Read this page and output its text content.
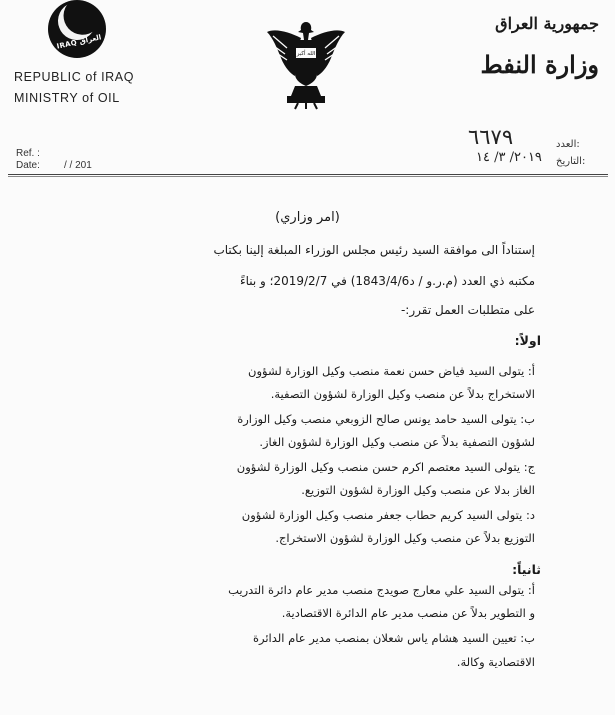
IRAQ العراق
REPUBLIC of IRAQ
MINISTRY of OIL
الله أكبر
جمهورية العراق
وزارة النفط
Ref. :
Date: / / 201
٦٦٧٩	العدد:
٢٠١٩/ ٣/ ١٤ التاريخ:
(امر وزاري)
إستناداً الى موافقة السيد رئيس مجلس الوزراء المبلغة إلينا بكتاب
مكتبه ذي العدد (م.ر.و / د1843/4/6) في 2019/2/7؛ و بناءً
على متطلبات العمل تقرر:-
اولاً:
أ: يتولى السيد فياض حسن نعمة منصب وكيل الوزارة لشؤون
الاستخراج بدلاً عن منصب وكيل الوزارة لشؤون التصفية.
ب: يتولى السيد حامد يونس صالح الزوبعي منصب وكيل الوزارة
لشؤون التصفية بدلاً عن منصب وكيل الوزارة لشؤون الغاز.
ج: يتولى السيد معتصم اكرم حسن منصب وكيل الوزارة لشؤون
الغاز بدلا عن منصب وكيل الوزارة لشؤون التوزيع.
د: يتولى السيد كريم حطاب جعفر منصب وكيل الوزارة لشؤون
التوزيع بدلاً عن منصب وكيل الوزارة لشؤون الاستخراج.
ثانياً:
أ: يتولى السيد علي معارج صويدج منصب مدير عام دائرة التدريب
و التطوير بدلاً عن منصب مدير عام الدائرة الاقتصادية.
ب: تعيين السيد هشام ياس شعلان بمنصب مدير عام الدائرة
الاقتصادية وكالة.
